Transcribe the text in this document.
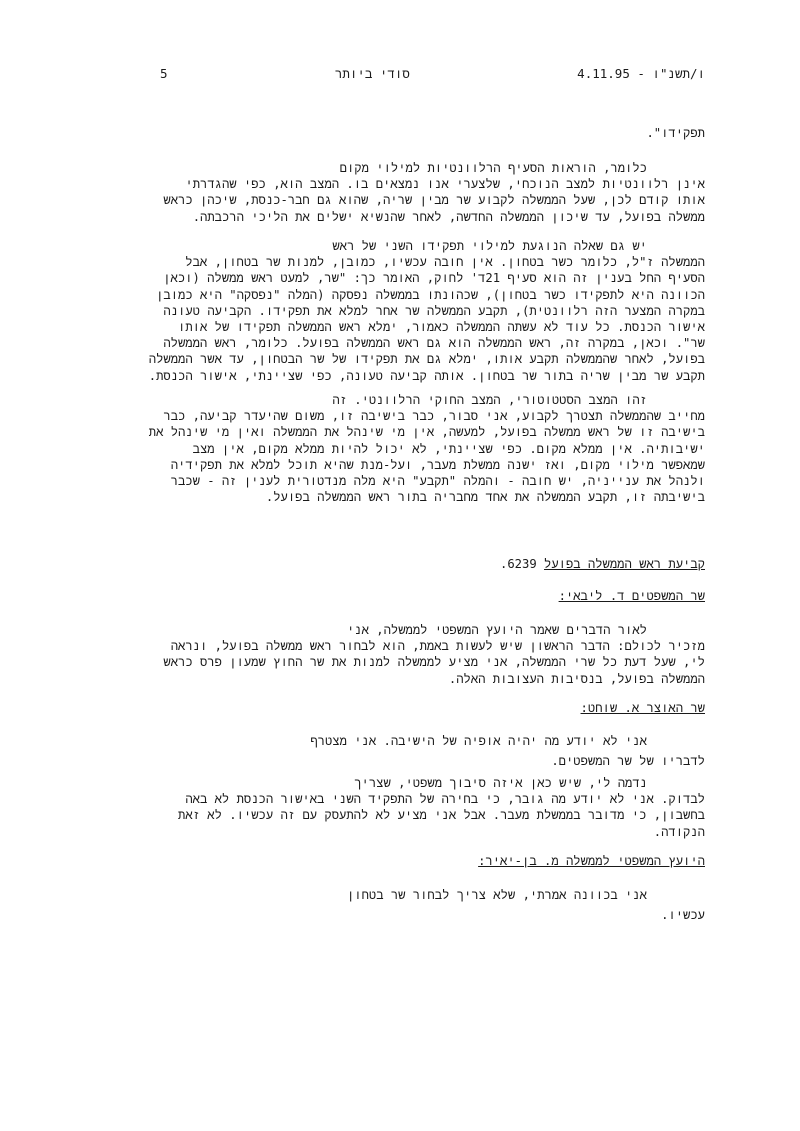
5	סודי ביותר	ו/תשנ"ו - 4.11.95
תפקידו".
כלומר, הוראות הסעיף הרלוונטיות למילוי מקום
אינן רלוונטיות למצב הנוכחי, שלצערי אנו נמצאים בו. המצב הוא, כפי שהגדרתי
אותו קודם לכן, שעל הממשלה לקבוע שר מבין שריה, שהוא גם חבר-כנסת, שיכהן כראש
ממשלה בפועל, עד שיכון הממשלה החדשה, לאחר שהנשיא ישלים את הליכי הרכבתה.
יש גם שאלה הנוגעת למילוי תפקידו השני של ראש
הממשלה ז"ל, כלומר כשר בטחון. אין חובה עכשיו, כמובן, למנות שר בטחון, אבל
הסעיף החל בענין זה הוא סעיף 21ד' לחוק, האומר כך: "שר, למעט ראש ממשלה (וכאן
הכוונה היא לתפקידו כשר בטחון), שכהונתו בממשלה נפסקה (המלה "נפסקה" היא כמובן
במקרה המצער הזה רלוונטית), תקבע הממשלה שר אחר למלא את תפקידו. הקביעה טעונה
אישור הכנסת. כל עוד לא עשתה הממשלה כאמור, ימלא ראש הממשלה תפקידו של אותו
שר". וכאן, במקרה זה, ראש הממשלה הוא גם ראש הממשלה בפועל. כלומר, ראש הממשלה
בפועל, לאחר שהממשלה תקבע אותו, ימלא גם את תפקידו של שר הבטחון, עד אשר הממשלה
תקבע שר מבין שריה בתור שר בטחון. אותה קביעה טעונה, כפי שציינתי, אישור הכנסת.
זהו המצב הסטטוטורי, המצב החוקי הרלוונטי. זה
מחייב שהממשלה תצטרך לקבוע, אני סבור, כבר בישיבה זו, משום שהיעדר קביעה, כבר
בישיבה זו של ראש ממשלה בפועל, למעשה, אין מי שינהל את הממשלה ואין מי שינהל את
ישיבותיה. אין ממלא מקום. כפי שציינתי, לא יכול להיות ממלא מקום, אין מצב
שמאפשר מילוי מקום, ואז ישנה ממשלת מעבר, ועל-מנת שהיא תוכל למלא את תפקידיה
ולנהל את ענייניה, יש חובה - והמלה "תקבע" היא מלה מנדטורית לענין זה - שכבר
בישיבתה זו, תקבע הממשלה את אחד מחבריה בתור ראש הממשלה בפועל.
קביעת ראש הממשלה בפועל 6239.
שר המשפטים ד. ליבאי:
לאור הדברים שאמר היועץ המשפטי לממשלה, אני
מזכיר לכולם: הדבר הראשון שיש לעשות באמת, הוא לבחור ראש ממשלה בפועל, ונראה
לי, שעל דעת כל שרי הממשלה, אני מציע לממשלה למנות את שר החוץ שמעון פרס כראש
הממשלה בפועל, בנסיבות העצובות האלה.
שר האוצר א. שוחט:
אני לא יודע מה יהיה אופיה של הישיבה. אני מצטרף
לדבריו של שר המשפטים.
נדמה לי, שיש כאן איזה סיבוך משפטי, שצריך
לבדוק. אני לא יודע מה גובר, כי בחירה של התפקיד השני באישור הכנסת לא באה
בחשבון, כי מדובר בממשלת מעבר. אבל אני מציע לא להתעסק עם זה עכשיו. לא זאת
הנקודה.
היועץ המשפטי לממשלה מ. בן-יאיר:
אני בכוונה אמרתי, שלא צריך לבחור שר בטחון
עכשיו.
